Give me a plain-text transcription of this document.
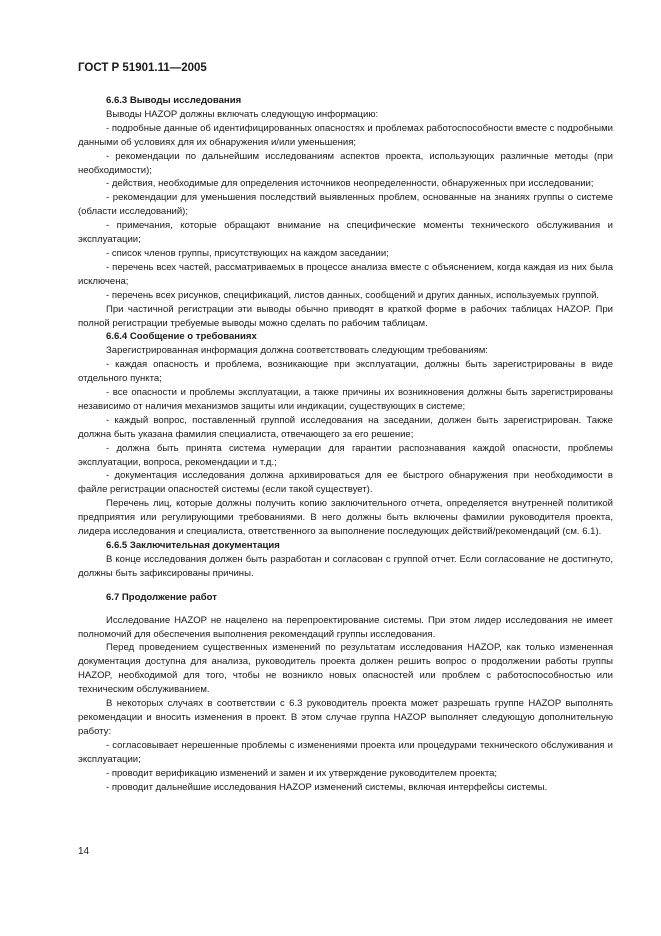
ГОСТ Р 51901.11—2005

6.6.3 Выводы исследования

Выводы HAZOP должны включать следующую информацию:

- подробные данные об идентифицированных опасностях и проблемах работоспособности вместе с подробными данными об условиях для их обнаружения и/или уменьшения;

- рекомендации по дальнейшим исследованиям аспектов проекта, использующих различные методы (при необходимости);

- действия, необходимые для определения источников неопределенности, обнаруженных при исследовании;

- рекомендации для уменьшения последствий выявленных проблем, основанные на знаниях группы о системе (области исследований);

- примечания, которые обращают внимание на специфические моменты технического обслуживания и эксплуатации;

- список членов группы, присутствующих на каждом заседании;

- перечень всех частей, рассматриваемых в процессе анализа вместе с объяснением, когда каждая из них была исключена;

- перечень всех рисунков, спецификаций, листов данных, сообщений и других данных, используемых группой.

При частичной регистрации эти выводы обычно приводят в краткой форме в рабочих таблицах HAZOP. При полной регистрации требуемые выводы можно сделать по рабочим таблицам.

6.6.4 Сообщение о требованиях

Зарегистрированная информация должна соответствовать следующим требованиям:

- каждая опасность и проблема, возникающие при эксплуатации, должны быть зарегистрированы в виде отдельного пункта;

- все опасности и проблемы эксплуатации, а также причины их возникновения должны быть зарегистрированы независимо от наличия механизмов защиты или индикации, существующих в системе;

- каждый вопрос, поставленный группой исследования на заседании, должен быть зарегистрирован. Также должна быть указана фамилия специалиста, отвечающего за его решение;

- должна быть принята система нумерации для гарантии распознавания каждой опасности, проблемы эксплуатации, вопроса, рекомендации и т.д.;

- документация исследования должна архивироваться для ее быстрого обнаружения при необходимости в файле регистрации опасностей системы (если такой существует).

Перечень лиц, которые должны получить копию заключительного отчета, определяется внутренней политикой предприятия или регулирующими требованиями. В него должны быть включены фамилии руководителя проекта, лидера исследования и специалиста, ответственного за выполнение последующих действий/рекомендаций (см. 6.1).

6.6.5 Заключительная документация

В конце исследования должен быть разработан и согласован с группой отчет. Если согласование не достигнуто, должны быть зафиксированы причины.

6.7 Продолжение работ

Исследование HAZOP не нацелено на перепроектирование системы. При этом лидер исследования не имеет полномочий для обеспечения выполнения рекомендаций группы исследования.

Перед проведением существенных изменений по результатам исследования HAZOP, как только измененная документация доступна для анализа, руководитель проекта должен решить вопрос о продолжении работы группы HAZOP, необходимой для того, чтобы не возникло новых опасностей или проблем с работоспособностью или техническим обслуживанием.

В некоторых случаях в соответствии с 6.3 руководитель проекта может разрешать группе HAZOP выполнять рекомендации и вносить изменения в проект. В этом случае группа HAZOP выполняет следующую дополнительную работу:

- согласовывает нерешенные проблемы с изменениями проекта или процедурами технического обслуживания и эксплуатации;

- проводит верификацию изменений и замен и их утверждение руководителем проекта;

- проводит дальнейшие исследования HAZOP изменений системы, включая интерфейсы системы.

14
